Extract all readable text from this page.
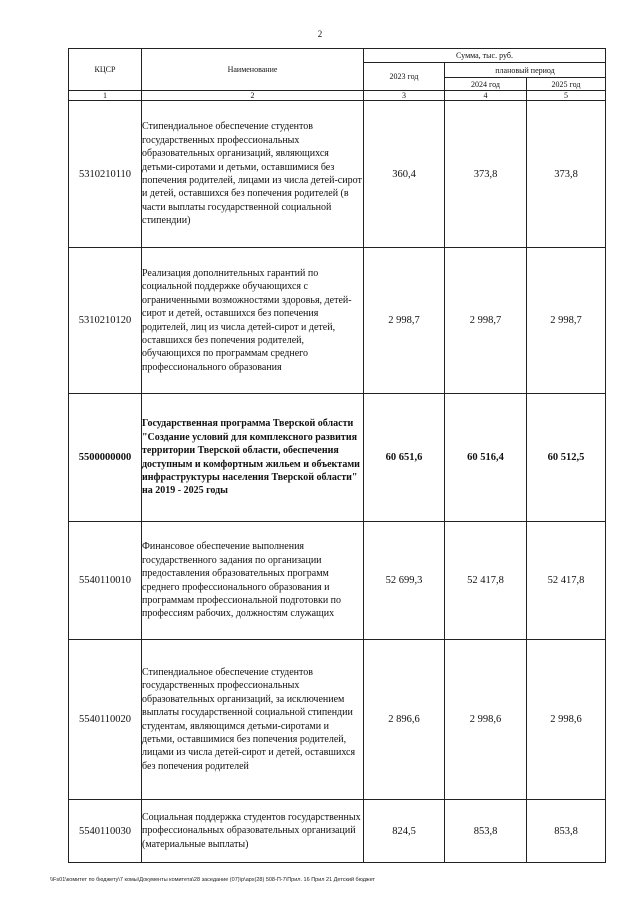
2
КЦСР	Наименование	Сумма, тыс. руб.		
		2023 год	плановый период	
			2024 год	2025 год
1	2	3	4	5
5310210110	Стипендиальное обеспечение студентов государственных профессиональных образовательных организаций, являющихся детьми-сиротами и детьми, оставшимися без попечения родителей, лицами из числа детей-сирот и детей, оставшихся без попечения родителей (в части выплаты государственной социальной стипендии)	360,4	373,8	373,8
5310210120	Реализация дополнительных гарантий по социальной поддержке обучающихся с ограниченными возможностями здоровья, детей-сирот и детей, оставшихся без попечения родителей, лиц из числа детей-сирот и детей, оставшихся без попечения родителей, обучающихся по программам среднего профессионального образования	2 998,7	2 998,7	2 998,7
5500000000	Государственная программа Тверской области "Создание условий для комплексного развития территории Тверской области, обеспечения доступным и комфортным жильем и объектами инфраструктуры населения Тверской области" на 2019 - 2025 годы	60 651,6	60 516,4	60 512,5
5540110010	Финансовое обеспечение выполнения государственного задания по организации предоставления образовательных программ среднего профессионального образования и программам профессиональной подготовки по профессиям рабочих, должностям служащих	52 699,3	52 417,8	52 417,8
5540110020	Стипендиальное обеспечение студентов государственных профессиональных образовательных организаций, за исключением выплаты государственной социальной стипендии студентам, являющимся детьми-сиротами и детьми, оставшимися без попечения родителей, лицами из числа детей-сирот и детей, оставшихся без попечения родителей	2 896,6	2 998,6	2 998,6
5540110030	Социальная поддержка студентов государственных профессиональных образовательных организаций (материальные выплаты)	824,5	853,8	853,8
\\Fs01\комитет по бюджету\7 комы\Документы комитета\28 заседание (07)\р\арх(28) 508-П-7\Прил. 16 Прил 21 Детский бюджет
